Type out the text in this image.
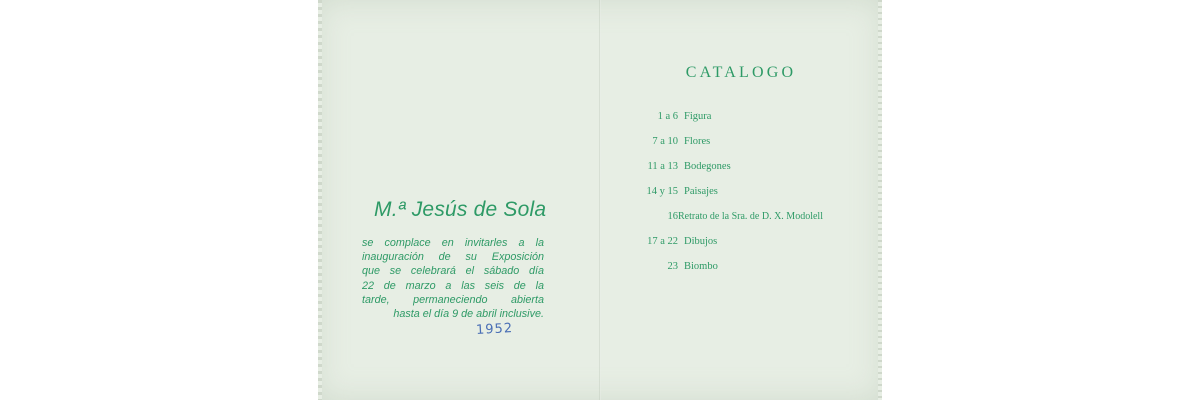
M.ª Jesús de Sola
se complace en invitarles a la
inauguración de su Exposición
que se celebrará el sábado día
22 de marzo a las seis de la
tarde, permaneciendo abierta
hasta el día 9 de abril inclusive.
1952
CATALOGO
1 a 6 Figura
7 a 10 Flores
11 a 13 Bodegones
14 y 15 Paisajes
16 Retrato de la Sra. de D. X. Modolell
17 a 22 Dibujos
23 Biombo
